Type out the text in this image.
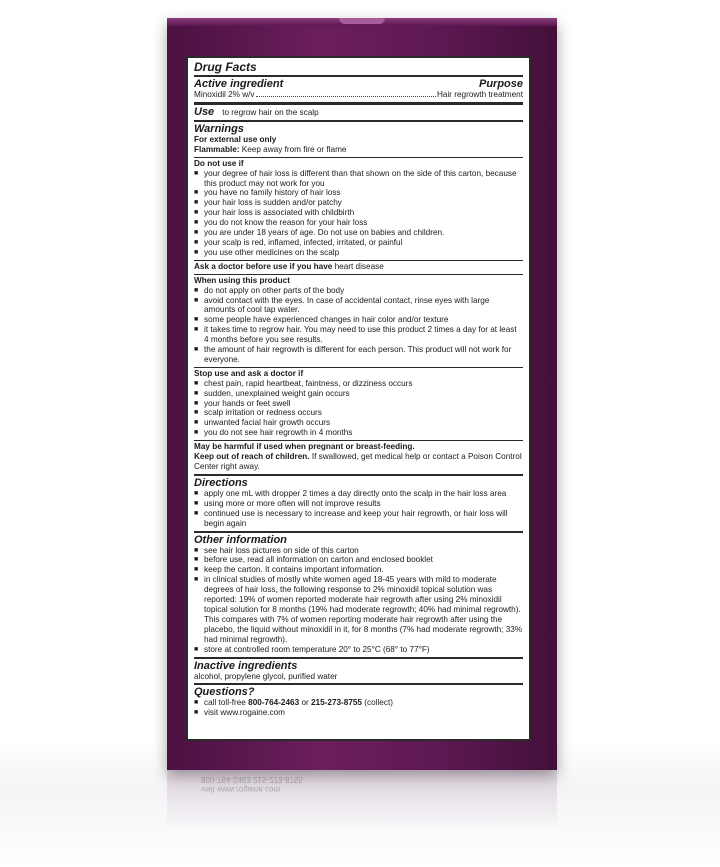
visit www.rogaine.com
800-764-2463 215-273-8755
Drug Facts
Active ingredient	Purpose
Minoxidil 2% w/v	Hair regrowth treatment
Use to regrow hair on the scalp
Warnings
For external use only
Flammable: Keep away from fire or flame
Do not use if
■ your degree of hair loss is different than that shown on the side of this carton, because this product may not work for you
■ you have no family history of hair loss
■ your hair loss is sudden and/or patchy
■ your hair loss is associated with childbirth
■ you do not know the reason for your hair loss
■ you are under 18 years of age. Do not use on babies and children.
■ your scalp is red, inflamed, infected, irritated, or painful
■ you use other medicines on the scalp
Ask a doctor before use if you have heart disease
When using this product
■ do not apply on other parts of the body
■ avoid contact with the eyes. In case of accidental contact, rinse eyes with large amounts of cool tap water.
■ some people have experienced changes in hair color and/or texture
■ it takes time to regrow hair. You may need to use this product 2 times a day for at least 4 months before you see results.
■ the amount of hair regrowth is different for each person. This product will not work for everyone.
Stop use and ask a doctor if
■ chest pain, rapid heartbeat, faintness, or dizziness occurs
■ sudden, unexplained weight gain occurs
■ your hands or feet swell
■ scalp irritation or redness occurs
■ unwanted facial hair growth occurs
■ you do not see hair regrowth in 4 months
May be harmful if used when pregnant or breast-feeding.
Keep out of reach of children. If swallowed, get medical help or contact a Poison Control Center right away.
Directions
■ apply one mL with dropper 2 times a day directly onto the scalp in the hair loss area
■ using more or more often will not improve results
■ continued use is necessary to increase and keep your hair regrowth, or hair loss will begin again
Other information
■ see hair loss pictures on side of this carton
■ before use, read all information on carton and enclosed booklet
■ keep the carton. It contains important information.
■ in clinical studies of mostly white women aged 18-45 years with mild to moderate degrees of hair loss, the following response to 2% minoxidil topical solution was reported: 19% of women reported moderate hair regrowth after using 2% minoxidil topical solution for 8 months (19% had moderate regrowth; 40% had minimal regrowth). This compares with 7% of women reporting moderate hair regrowth after using the placebo, the liquid without minoxidil in it, for 8 months (7% had moderate regrowth; 33% had minimal regrowth).
■ store at controlled room temperature 20° to 25°C (68° to 77°F)
Inactive ingredients
alcohol, propylene glycol, purified water
Questions?
■ call toll-free 800-764-2463 or 215-273-8755 (collect)
■ visit www.rogaine.com
